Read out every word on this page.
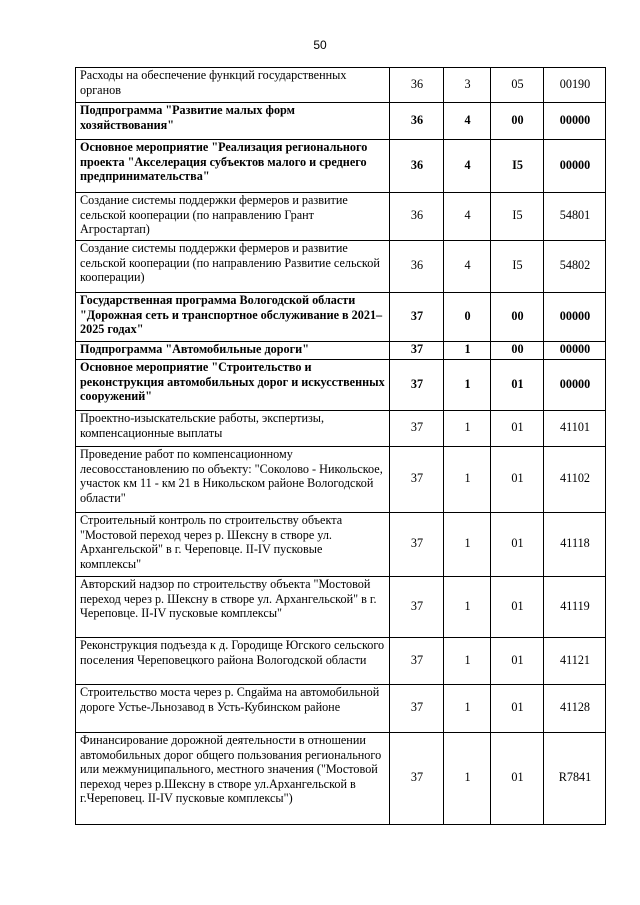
50
Расходы на обеспечение функций государственных органов	36	3	05	00190
Подпрограмма "Развитие малых форм хозяйствования"	36	4	00	00000
Основное мероприятие "Реализация регионального проекта "Акселерация субъектов малого и среднего предпринимательства"	36	4	I5	00000
Создание системы поддержки фермеров и развитие сельской кооперации (по направлению Грант Агростартап)	36	4	I5	54801
Создание системы поддержки фермеров и развитие сельской кооперации (по направлению Развитие сельской кооперации)	36	4	I5	54802
Государственная программа Вологодской области "Дорожная сеть и транспортное обслуживание в 2021–2025 годах"	37	0	00	00000
Подпрограмма "Автомобильные дороги"	37	1	00	00000
Основное мероприятие "Строительство и реконструкция автомобильных дорог и искусственных сооружений"	37	1	01	00000
Проектно-изыскательские работы, экспертизы, компенсационные выплаты	37	1	01	41101
Проведение работ по компенсационному лесовосстановлению по объекту: "Соколово - Никольское, участок км 11 - км 21 в Никольском районе Вологодской области"	37	1	01	41102
Строительный контроль по строительству объекта "Мостовой переход через р. Шексну в створе ул. Архангельской" в г. Череповце. II-IV пусковые комплексы"	37	1	01	41118
Авторский надзор по строительству объекта "Мостовой переход через р. Шексну в створе ул. Архангельской" в г. Череповце. II-IV пусковые комплексы"	37	1	01	41119
Реконструкция подъезда к д. Городище Югского сельского поселения Череповецкого района Вологодской области	37	1	01	41121
Строительство моста через р. Сngайма на автомобильной дороге Устье-Льнозавод в Усть-Кубинском районе	37	1	01	41128
Финансирование дорожной деятельности в отношении автомобильных дорог общего пользования регионального или межмуниципального, местного значения ("Мостовой переход через р.Шексну в створе ул.Архангельской в г.Череповец. II-IV пусковые комплексы")	37	1	01	R7841
